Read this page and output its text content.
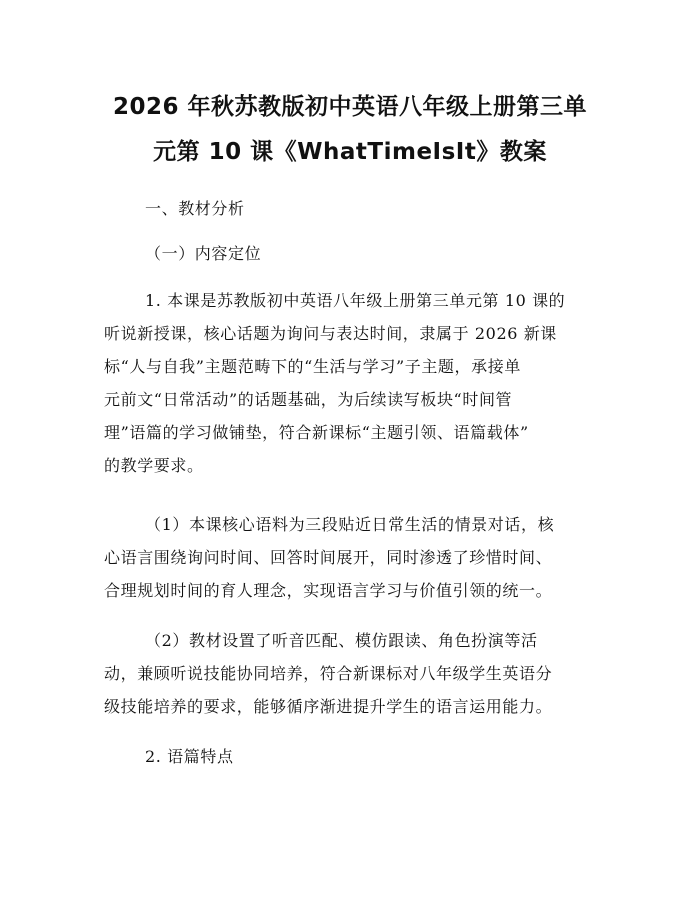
2026 年秋苏教版初中英语八年级上册第三单
元第 10 课《WhatTimeIsIt》教案
一、教材分析
（一）内容定位
1. 本课是苏教版初中英语八年级上册第三单元第 10 课的
听说新授课，核心话题为询问与表达时间，隶属于 2026 新课
标“人与自我”主题范畴下的“生活与学习”子主题，承接单
元前文“日常活动”的话题基础，为后续读写板块“时间管
理”语篇的学习做铺垫，符合新课标“主题引领、语篇载体”
的教学要求。
（1）本课核心语料为三段贴近日常生活的情景对话，核
心语言围绕询问时间、回答时间展开，同时渗透了珍惜时间、
合理规划时间的育人理念，实现语言学习与价值引领的统一。
（2）教材设置了听音匹配、模仿跟读、角色扮演等活
动，兼顾听说技能协同培养，符合新课标对八年级学生英语分
级技能培养的要求，能够循序渐进提升学生的语言运用能力。
2. 语篇特点
